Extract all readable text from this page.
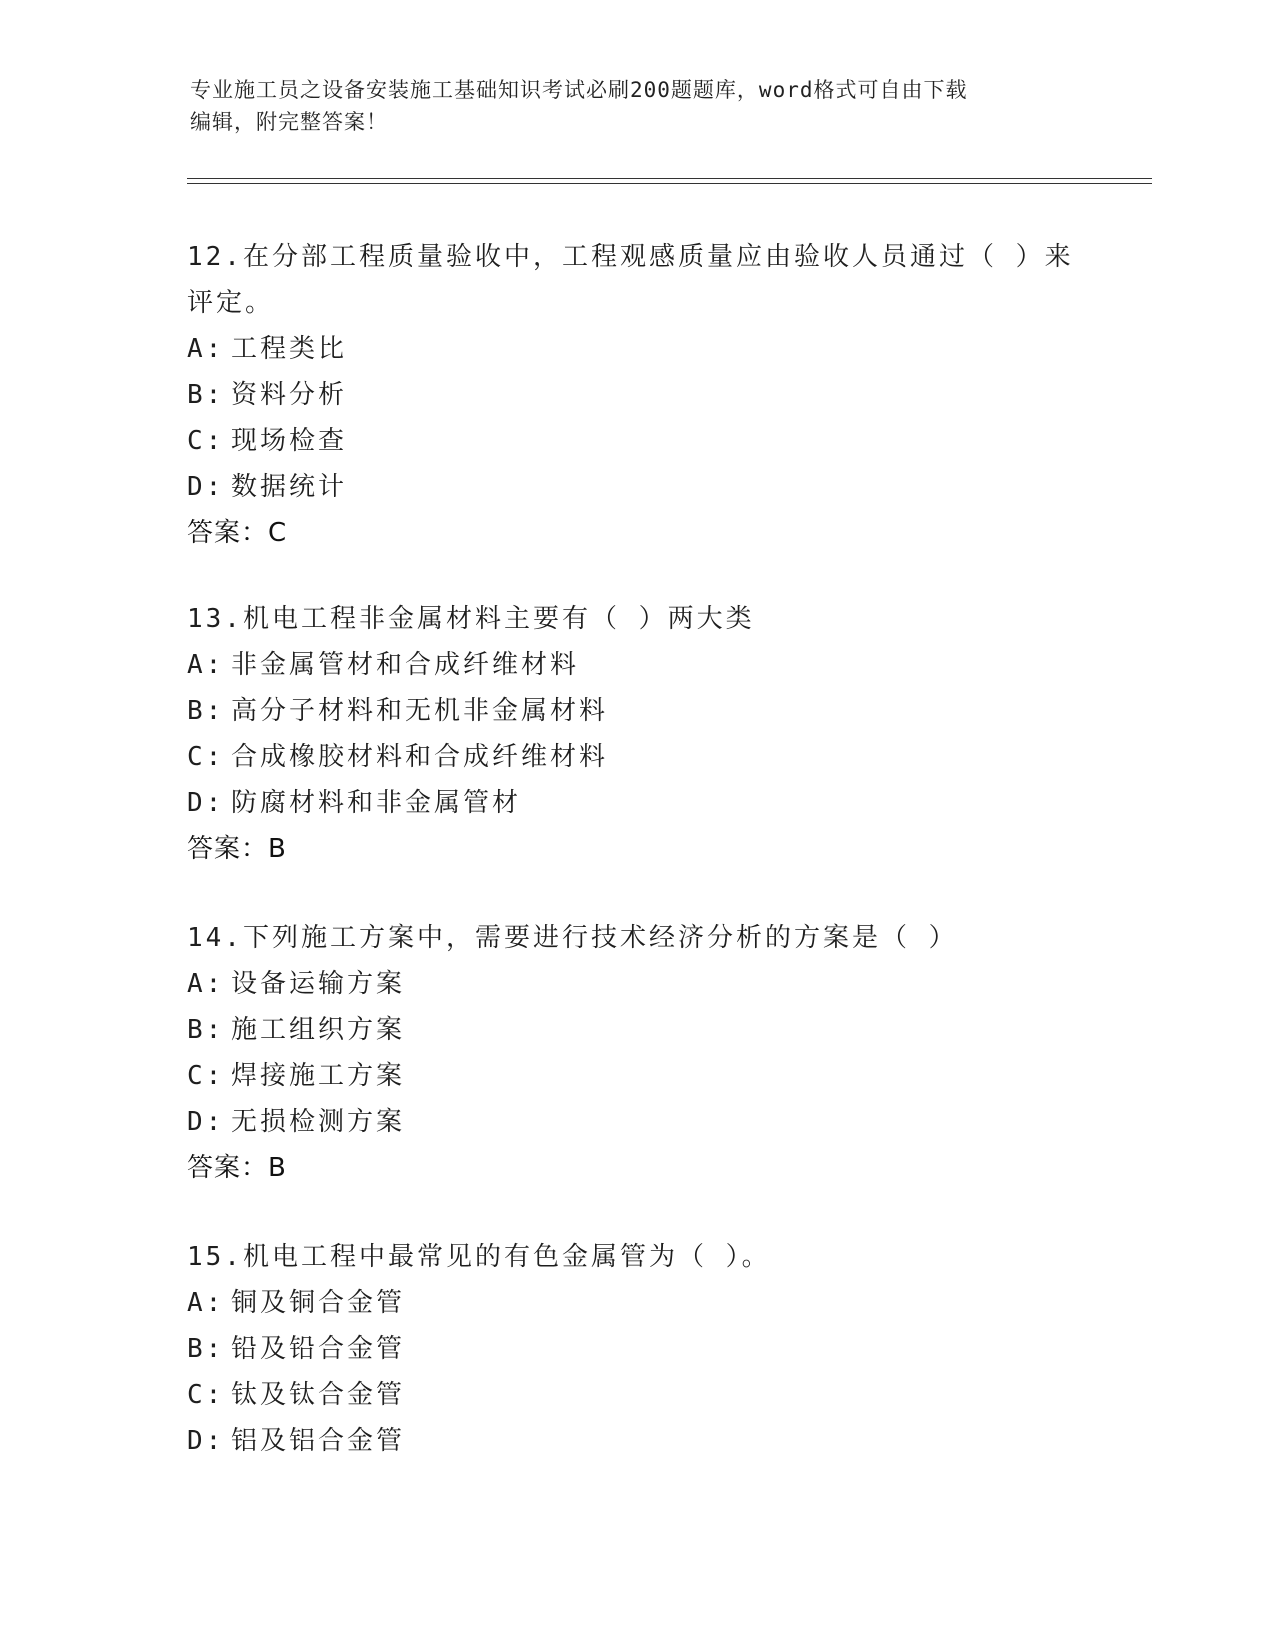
专业施工员之设备安装施工基础知识考试必刷200题题库，word格式可自由下载
编辑，附完整答案！

12.在分部工程质量验收中，工程观感质量应由验收人员通过（ ）来

评定。

A: 工程类比

B: 资料分析

C: 现场检查

D: 数据统计

答案：C

13.机电工程非金属材料主要有（ ）两大类

A: 非金属管材和合成纤维材料

B: 高分子材料和无机非金属材料

C: 合成橡胶材料和合成纤维材料

D: 防腐材料和非金属管材

答案：B

14.下列施工方案中，需要进行技术经济分析的方案是（ ）

A: 设备运输方案

B: 施工组织方案

C: 焊接施工方案

D: 无损检测方案

答案：B

15.机电工程中最常见的有色金属管为（ ）。

A: 铜及铜合金管

B: 铅及铅合金管

C: 钛及钛合金管

D: 铝及铝合金管
